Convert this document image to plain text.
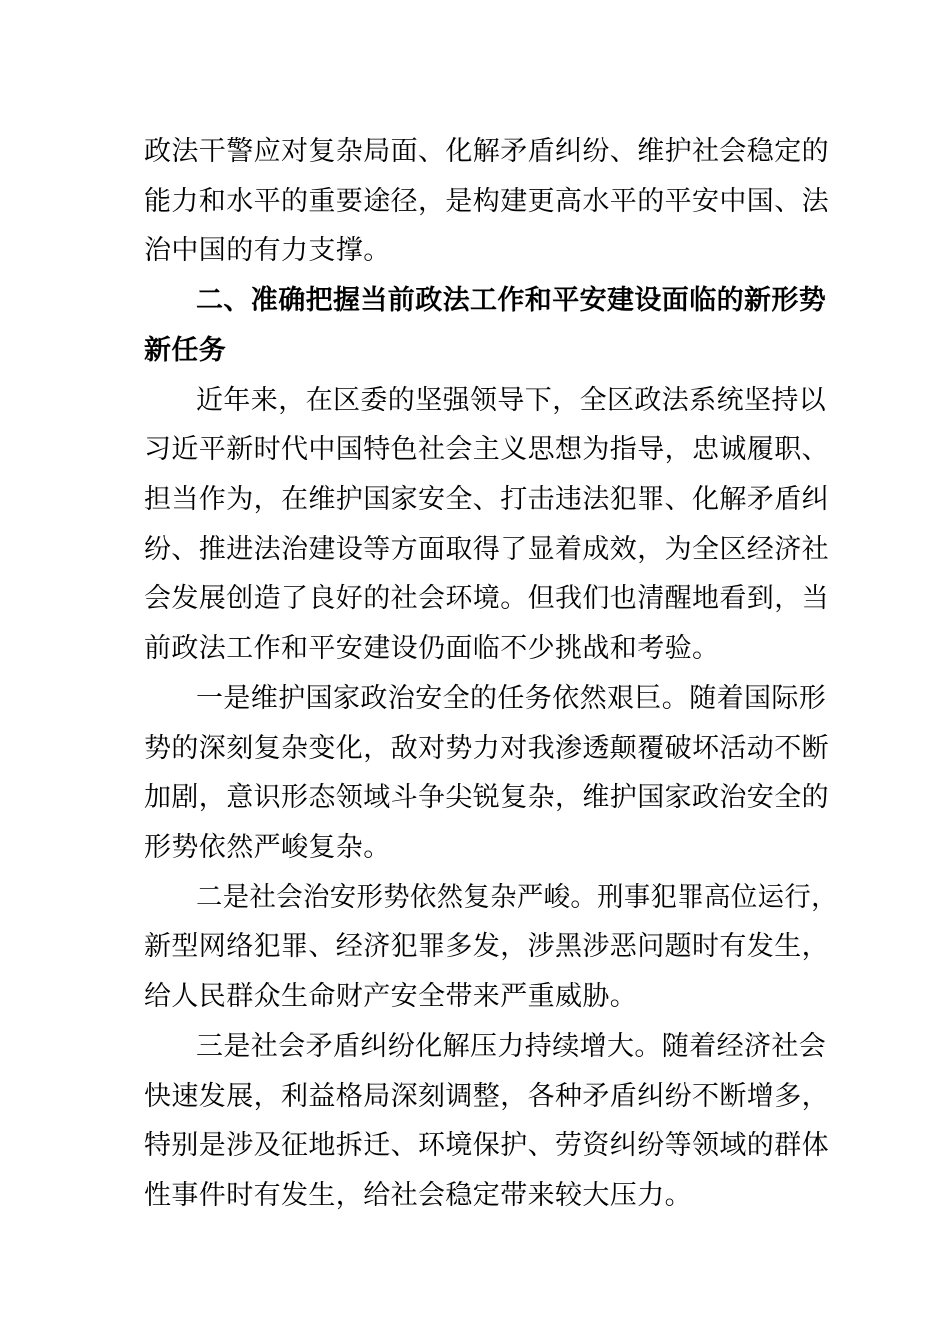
政法干警应对复杂局面、化解矛盾纠纷、维护社会稳定的
能力和水平的重要途径，是构建更高水平的平安中国、法
治中国的有力支撑。
二、准确把握当前政法工作和平安建设面临的新形势
新任务
近年来，在区委的坚强领导下，全区政法系统坚持以
习近平新时代中国特色社会主义思想为指导，忠诚履职、
担当作为，在维护国家安全、打击违法犯罪、化解矛盾纠
纷、推进法治建设等方面取得了显着成效，为全区经济社
会发展创造了良好的社会环境。但我们也清醒地看到，当
前政法工作和平安建设仍面临不少挑战和考验。
一是维护国家政治安全的任务依然艰巨。随着国际形
势的深刻复杂变化，敌对势力对我渗透颠覆破坏活动不断
加剧，意识形态领域斗争尖锐复杂，维护国家政治安全的
形势依然严峻复杂。
二是社会治安形势依然复杂严峻。刑事犯罪高位运行，
新型网络犯罪、经济犯罪多发，涉黑涉恶问题时有发生，
给人民群众生命财产安全带来严重威胁。
三是社会矛盾纠纷化解压力持续增大。随着经济社会
快速发展，利益格局深刻调整，各种矛盾纠纷不断增多，
特别是涉及征地拆迁、环境保护、劳资纠纷等领域的群体
性事件时有发生，给社会稳定带来较大压力。
